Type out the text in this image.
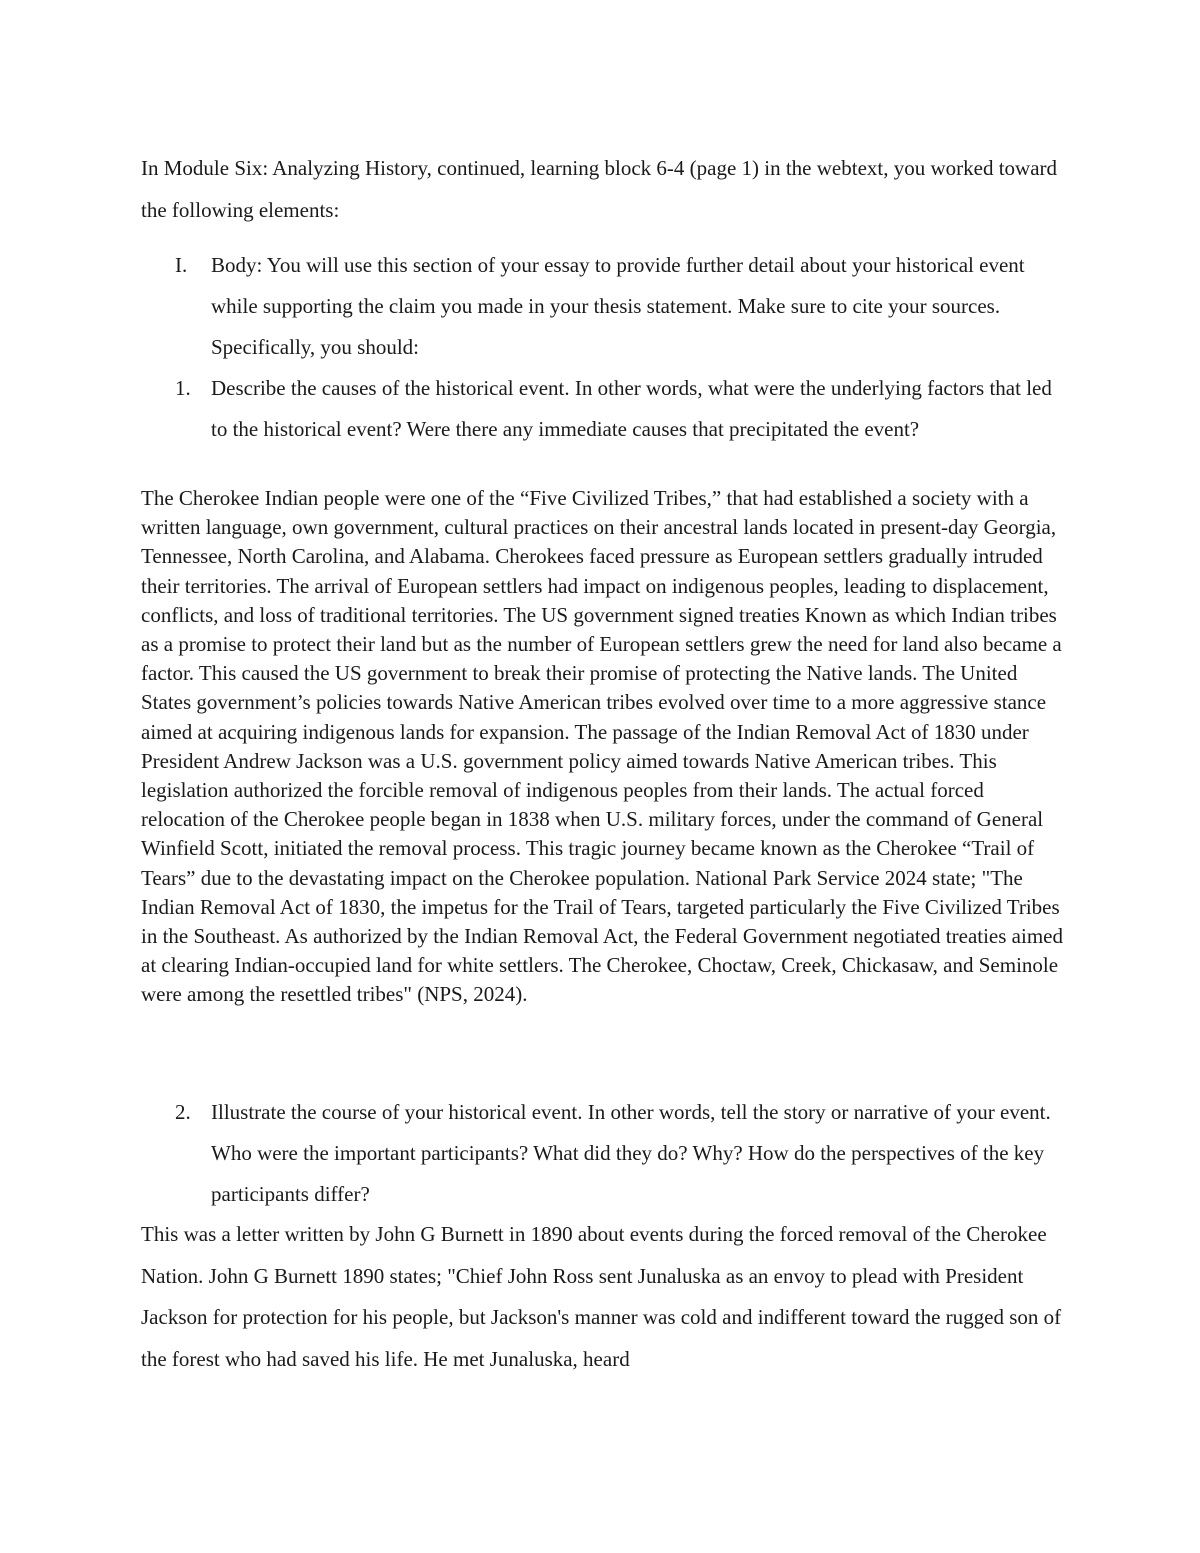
In Module Six: Analyzing History, continued, learning block 6-4 (page 1) in the webtext, you worked toward the following elements:

I. Body: You will use this section of your essay to provide further detail about your historical event while supporting the claim you made in your thesis statement. Make sure to cite your sources. Specifically, you should:
1. Describe the causes of the historical event. In other words, what were the underlying factors that led to the historical event? Were there any immediate causes that precipitated the event?

The Cherokee Indian people were one of the “Five Civilized Tribes,” that had established a society with a written language, own government, cultural practices on their ancestral lands located in present-day Georgia, Tennessee, North Carolina, and Alabama. Cherokees faced pressure as European settlers gradually intruded their territories. The arrival of European settlers had impact on indigenous peoples, leading to displacement, conflicts, and loss of traditional territories. The US government signed treaties Known as which Indian tribes as a promise to protect their land but as the number of European settlers grew the need for land also became a factor. This caused the US government to break their promise of protecting the Native lands. The United States government’s policies towards Native American tribes evolved over time to a more aggressive stance aimed at acquiring indigenous lands for expansion. The passage of the Indian Removal Act of 1830 under President Andrew Jackson was a U.S. government policy aimed towards Native American tribes. This legislation authorized the forcible removal of indigenous peoples from their lands. The actual forced relocation of the Cherokee people began in 1838 when U.S. military forces, under the command of General Winfield Scott, initiated the removal process. This tragic journey became known as the Cherokee “Trail of Tears” due to the devastating impact on the Cherokee population. National Park Service 2024 state; "The Indian Removal Act of 1830, the impetus for the Trail of Tears, targeted particularly the Five Civilized Tribes in the Southeast. As authorized by the Indian Removal Act, the Federal Government negotiated treaties aimed at clearing Indian-occupied land for white settlers. The Cherokee, Choctaw, Creek, Chickasaw, and Seminole were among the resettled tribes" (NPS, 2024).

2. Illustrate the course of your historical event. In other words, tell the story or narrative of your event. Who were the important participants? What did they do? Why? How do the perspectives of the key participants differ?

This was a letter written by John G Burnett in 1890 about events during the forced removal of the Cherokee Nation. John G Burnett 1890 states; "Chief John Ross sent Junaluska as an envoy to plead with President Jackson for protection for his people, but Jackson's manner was cold and indifferent toward the rugged son of the forest who had saved his life. He met Junaluska, heard
